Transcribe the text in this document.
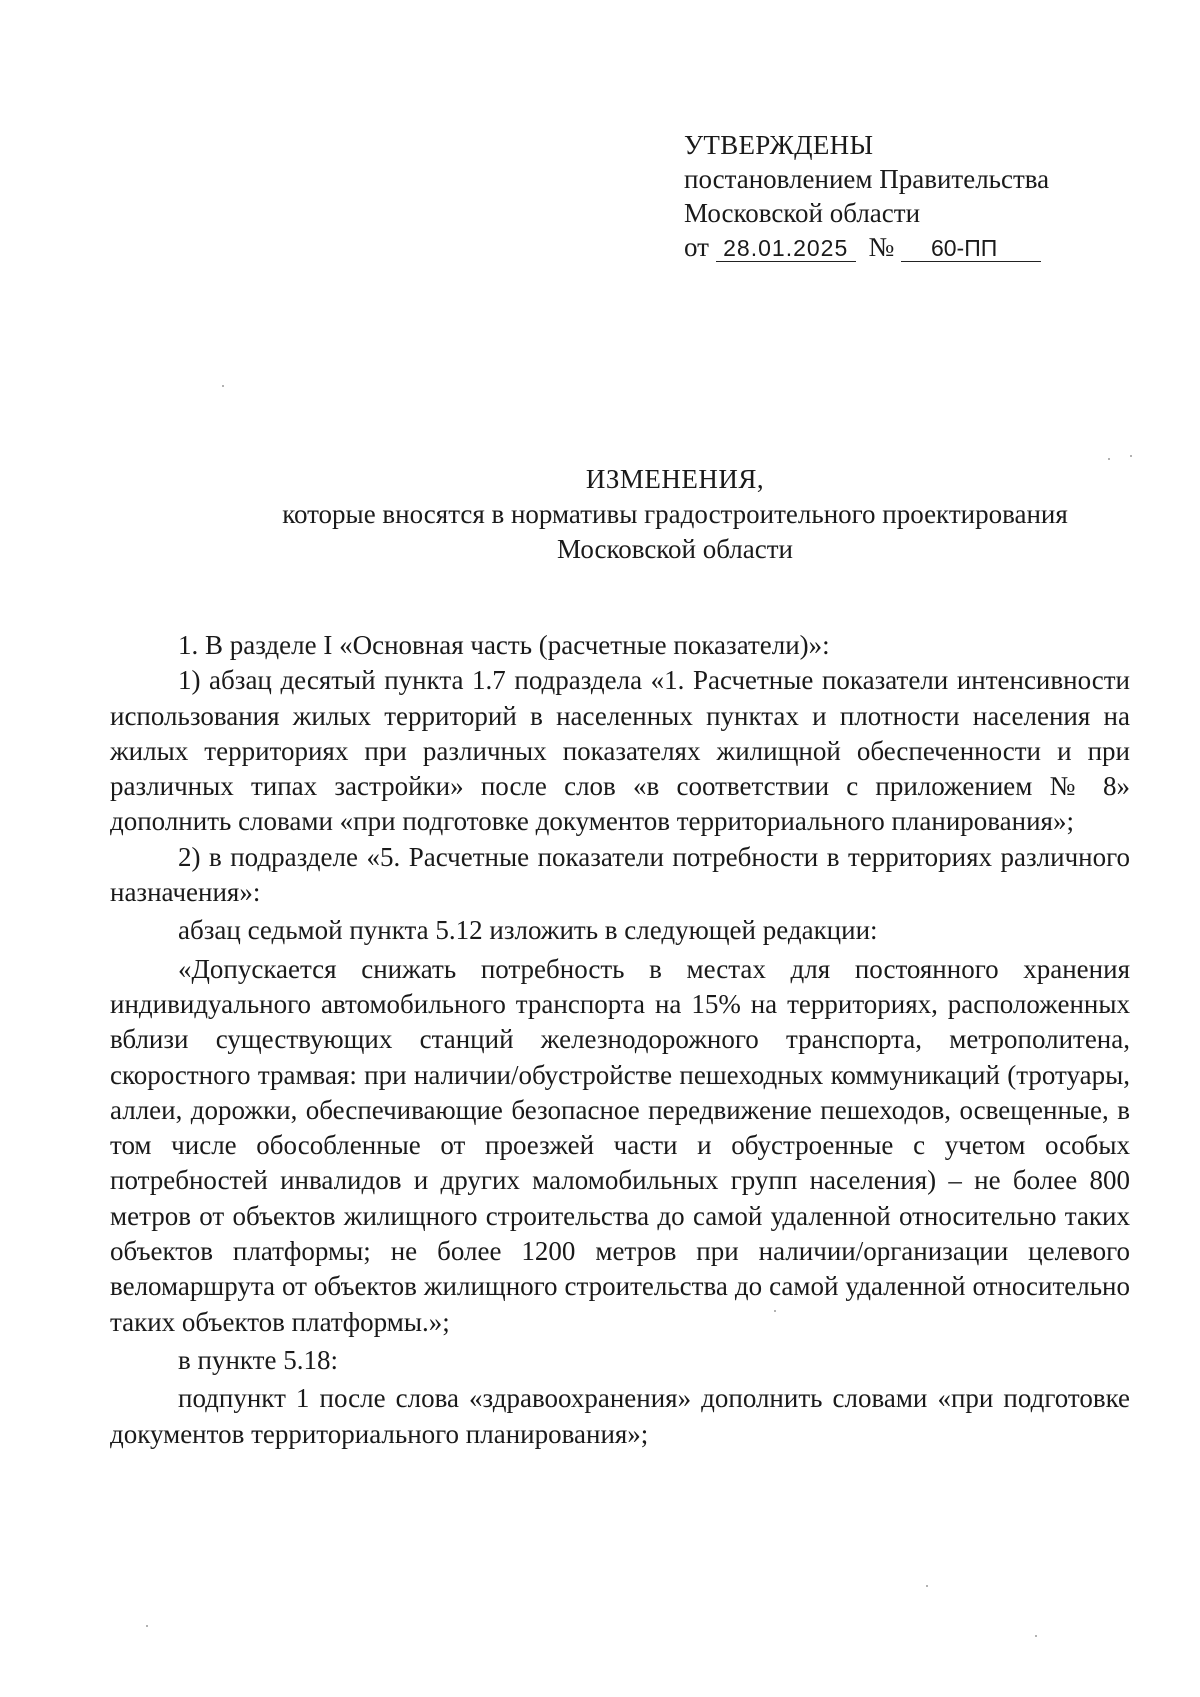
УТВЕРЖДЕНЫ
постановлением Правительства
Московской области
от 28.01.2025 № 60-ПП
ИЗМЕНЕНИЯ,
которые вносятся в нормативы градостроительного проектирования
Московской области

1. В разделе I «Основная часть (расчетные показатели)»:

1) абзац десятый пункта 1.7 подраздела «1. Расчетные показатели интенсивности использования жилых территорий в населенных пунктах и плотности населения на жилых территориях при различных показателях жилищной обеспеченности и при различных типах застройки» после слов «в соответствии с приложением № 8» дополнить словами «при подготовке документов территориального планирования»;

2) в подразделе «5. Расчетные показатели потребности в территориях различного назначения»:

абзац седьмой пункта 5.12 изложить в следующей редакции:

«Допускается снижать потребность в местах для постоянного хранения индивидуального автомобильного транспорта на 15% на территориях, расположенных вблизи существующих станций железнодорожного транспорта, метрополитена, скоростного трамвая: при наличии/обустройстве пешеходных коммуникаций (тротуары, аллеи, дорожки, обеспечивающие безопасное передвижение пешеходов, освещенные, в том числе обособленные от проезжей части и обустроенные с учетом особых потребностей инвалидов и других маломобильных групп населения) – не более 800 метров от объектов жилищного строительства до самой удаленной относительно таких объектов платформы; не более 1200 метров при наличии/организации целевого веломаршрута от объектов жилищного строительства до самой удаленной относительно таких объектов платформы.»;

в пункте 5.18:

подпункт 1 после слова «здравоохранения» дополнить словами «при подготовке документов территориального планирования»;
